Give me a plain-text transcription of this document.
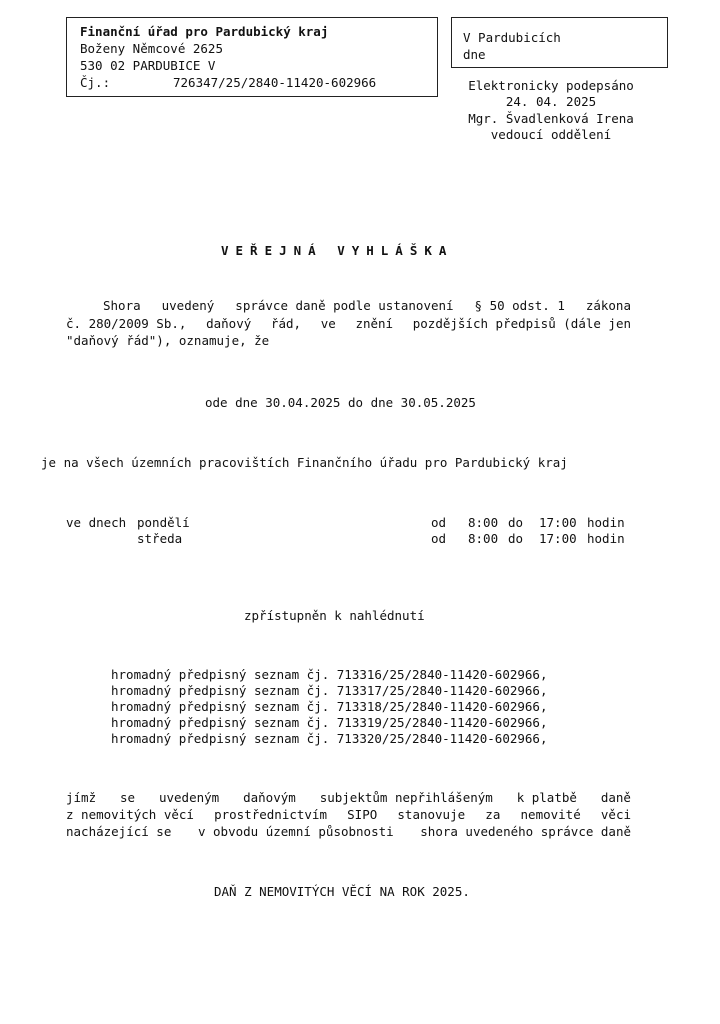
Finanční úřad pro Pardubický kraj
Boženy Němcové 2625
530 02 PARDUBICE V
Čj.:	726347/25/2840-11420-602966
V Pardubicích
dne
Elektronicky podepsáno
24. 04. 2025
Mgr. Švadlenková Irena
vedoucí oddělení
VEŘEJNÁ VYHLÁŠKA
Shora uvedený správce daně podle ustanovení § 50 odst. 1 zákona
č. 280/2009 Sb., daňový řád, ve znění pozdějších předpisů (dále jen
"daňový řád"), oznamuje, že
ode dne 30.04.2025 do dne 30.05.2025
je na všech územních pracovištích Finančního úřadu pro Pardubický kraj
ve dnech pondělí	od 8:00 do 17:00 hodin
středa	od 8:00 do 17:00 hodin
zpřístupněn k nahlédnutí
hromadný předpisný seznam čj. 713316/25/2840-11420-602966,
hromadný předpisný seznam čj. 713317/25/2840-11420-602966,
hromadný předpisný seznam čj. 713318/25/2840-11420-602966,
hromadný předpisný seznam čj. 713319/25/2840-11420-602966,
hromadný předpisný seznam čj. 713320/25/2840-11420-602966,
jímž se uvedeným daňovým subjektům nepřihlášeným k platbě daně
z nemovitých věcí prostřednictvím SIPO stanovuje za nemovité věci
nacházející se v obvodu územní působnosti shora uvedeného správce daně
DAŇ Z NEMOVITÝCH VĚCÍ NA ROK 2025.
